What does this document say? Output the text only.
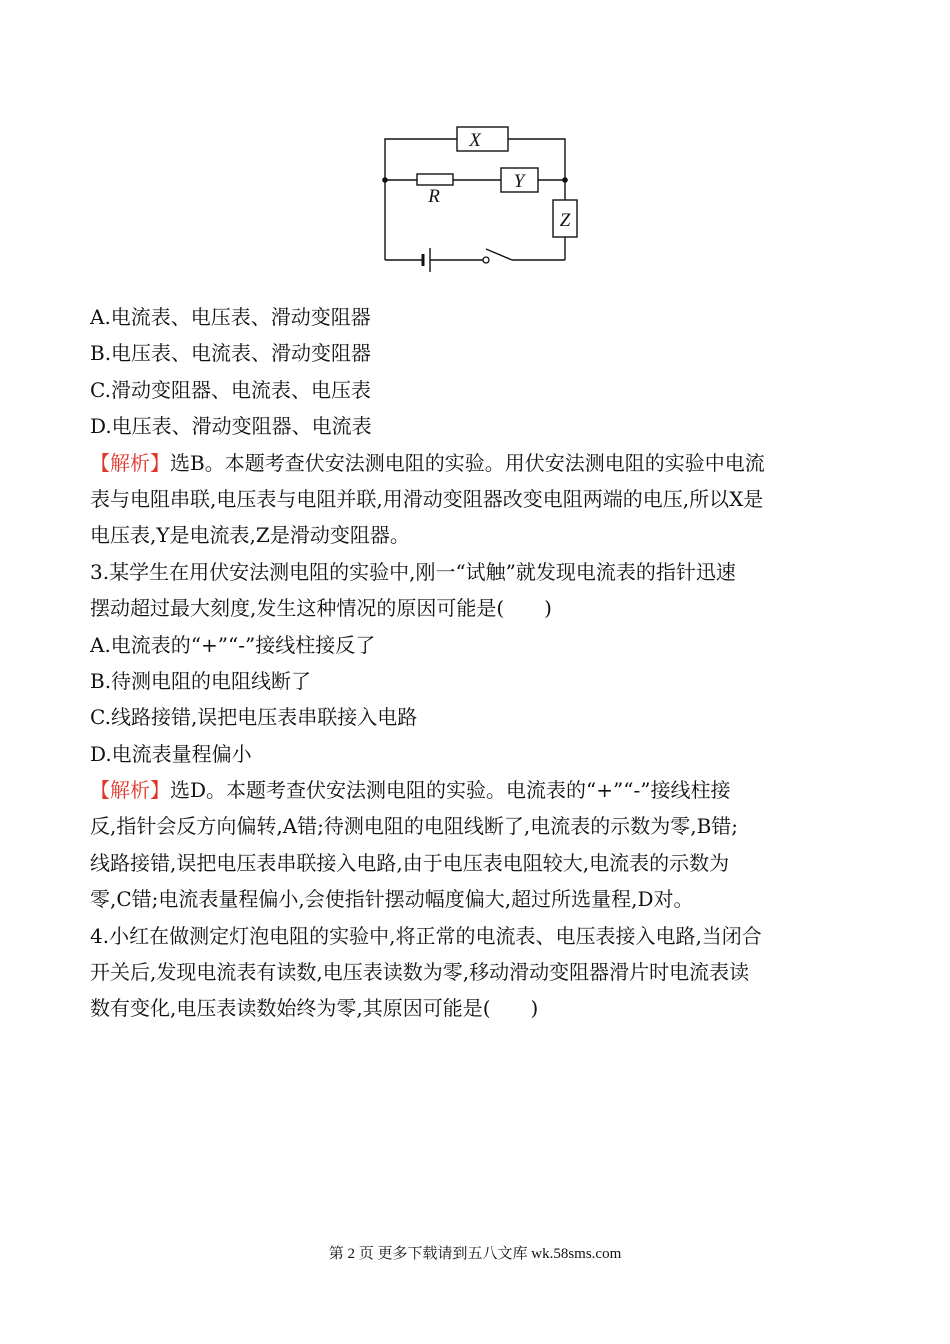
X
Y
Z
R
A.电流表、电压表、滑动变阻器
B.电压表、电流表、滑动变阻器
C.滑动变阻器、电流表、电压表
D.电压表、滑动变阻器、电流表
【解析】选B。本题考查伏安法测电阻的实验。用伏安法测电阻的实验中电流
表与电阻串联,电压表与电阻并联,用滑动变阻器改变电阻两端的电压,所以X是
电压表,Y是电流表,Z是滑动变阻器。
3.某学生在用伏安法测电阻的实验中,刚一“试触”就发现电流表的指针迅速
摆动超过最大刻度,发生这种情况的原因可能是(　　)
A.电流表的“+”“-”接线柱接反了
B.待测电阻的电阻线断了
C.线路接错,误把电压表串联接入电路
D.电流表量程偏小
【解析】选D。本题考查伏安法测电阻的实验。电流表的“+”“-”接线柱接
反,指针会反方向偏转,A错;待测电阻的电阻线断了,电流表的示数为零,B错;
线路接错,误把电压表串联接入电路,由于电压表电阻较大,电流表的示数为
零,C错;电流表量程偏小,会使指针摆动幅度偏大,超过所选量程,D对。
4.小红在做测定灯泡电阻的实验中,将正常的电流表、电压表接入电路,当闭合
开关后,发现电流表有读数,电压表读数为零,移动滑动变阻器滑片时电流表读
数有变化,电压表读数始终为零,其原因可能是(　　)
第 2 页 更多下载请到五八文库 wk.58sms.com
